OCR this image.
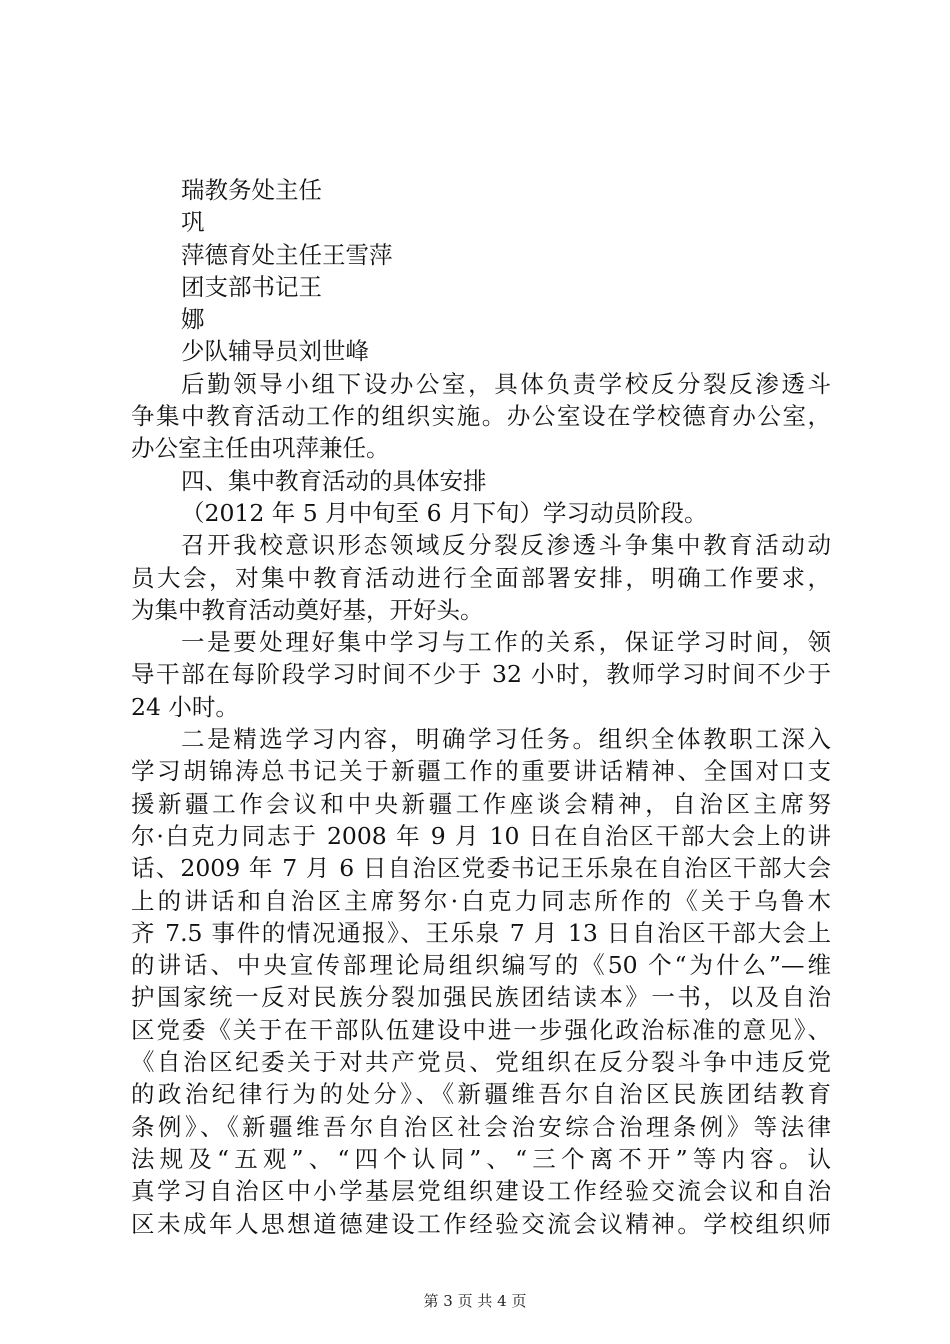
瑞教务处主任
巩
萍德育处主任王雪萍
团支部书记王
娜
少队辅导员刘世峰
后勤领导小组下设办公室，具体负责学校反分裂反渗透斗
争集中教育活动工作的组织实施。办公室设在学校德育办公室，
办公室主任由巩萍兼任。
四、集中教育活动的具体安排
（2012 年 5 月中旬至 6 月下旬）学习动员阶段。
召开我校意识形态领域反分裂反渗透斗争集中教育活动动
员大会，对集中教育活动进行全面部署安排，明确工作要求，
为集中教育活动奠好基，开好头。
一是要处理好集中学习与工作的关系，保证学习时间，领
导干部在每阶段学习时间不少于 32 小时，教师学习时间不少于
24 小时。
二是精选学习内容，明确学习任务。组织全体教职工深入
学习胡锦涛总书记关于新疆工作的重要讲话精神、全国对口支
援新疆工作会议和中央新疆工作座谈会精神，自治区主席努
尔·白克力同志于 2008 年 9 月 10 日在自治区干部大会上的讲
话、2009 年 7 月 6 日自治区党委书记王乐泉在自治区干部大会
上的讲话和自治区主席努尔·白克力同志所作的《关于乌鲁木
齐 7.5 事件的情况通报》、王乐泉 7 月 13 日自治区干部大会上
的讲话、中央宣传部理论局组织编写的《50 个“为什么”—维
护国家统一反对民族分裂加强民族团结读本》一书，以及自治
区党委《关于在干部队伍建设中进一步强化政治标准的意见》、
《自治区纪委关于对共产党员、党组织在反分裂斗争中违反党
的政治纪律行为的处分》、《新疆维吾尔自治区民族团结教育
条例》、《新疆维吾尔自治区社会治安综合治理条例》等法律
法规及“五观”、“四个认同”、“三个离不开”等内容。认
真学习自治区中小学基层党组织建设工作经验交流会议和自治
区未成年人思想道德建设工作经验交流会议精神。学校组织师
第 3 页 共 4 页
